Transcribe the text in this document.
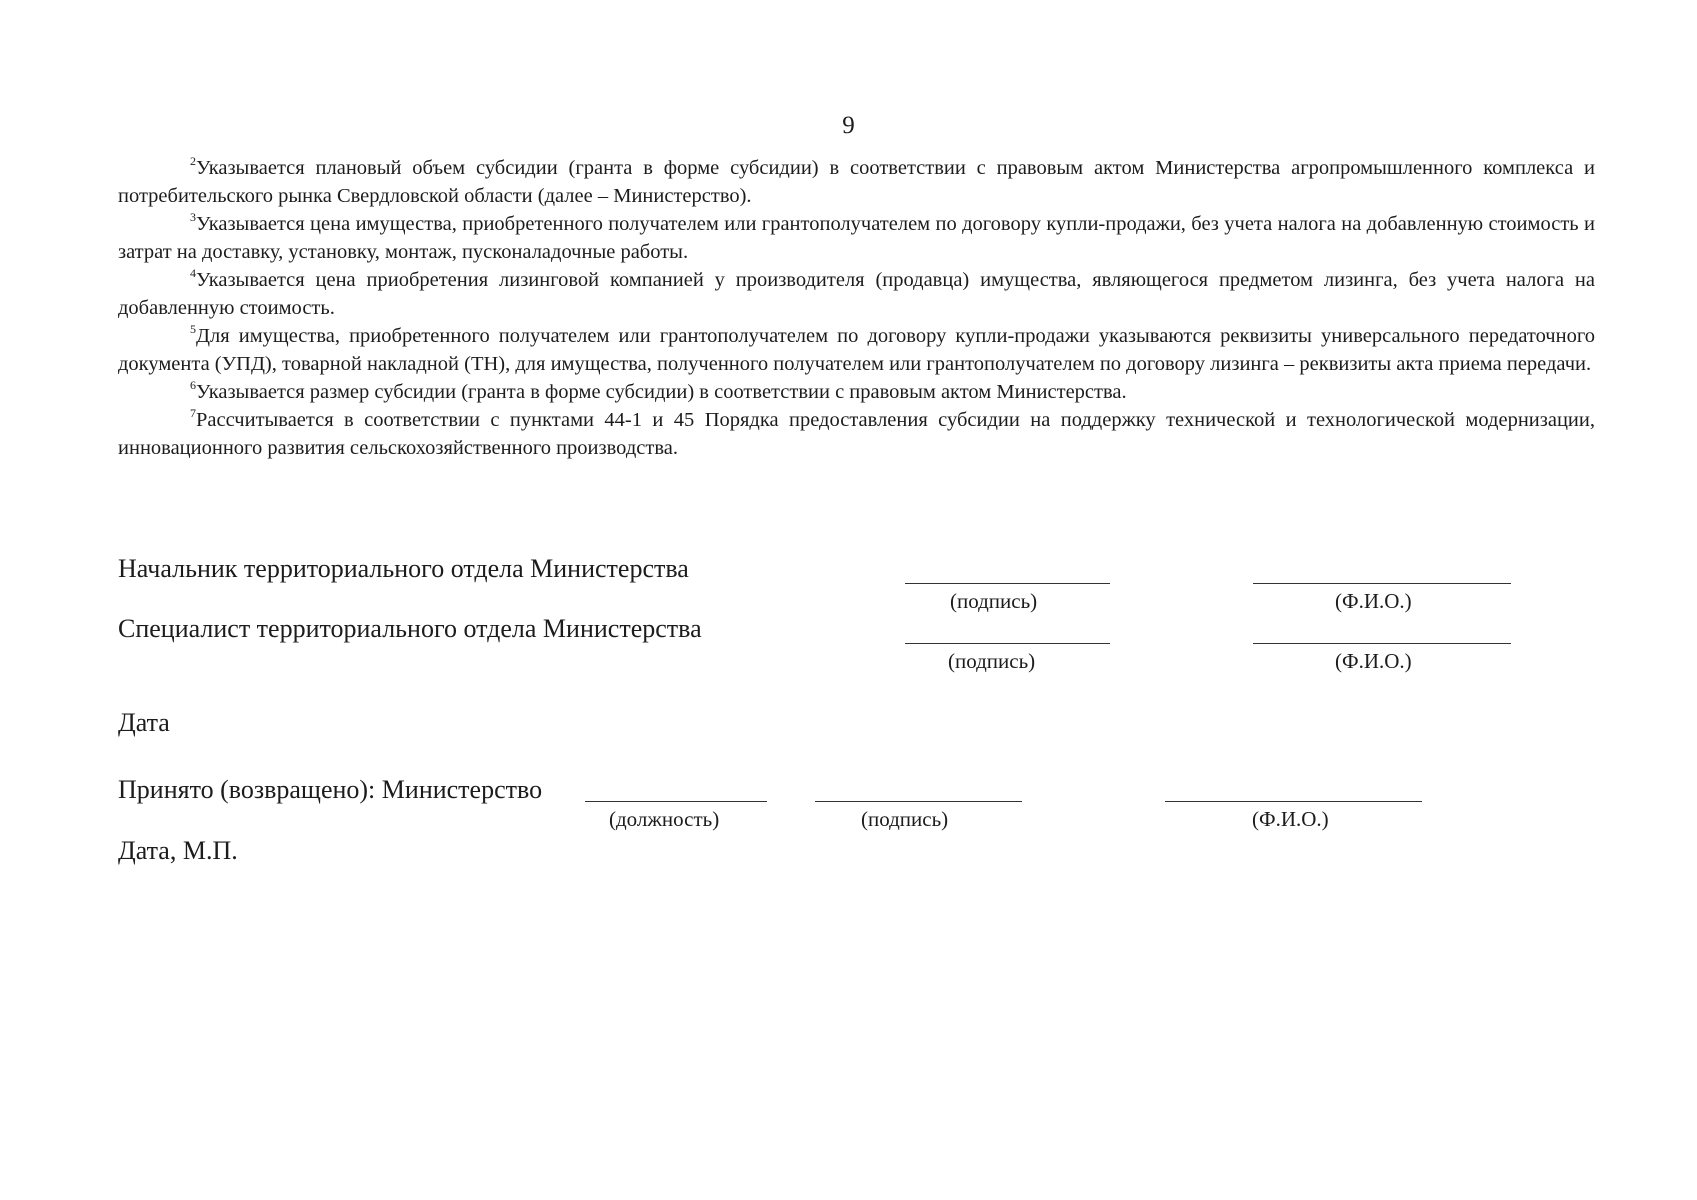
9

$^2$Указывается плановый объем субсидии (гранта в форме субсидии) в соответствии с правовым актом Министерства агропромышленного комплекса и потребительского рынка Свердловской области (далее – Министерство).

$^3$Указывается цена имущества, приобретенного получателем или грантополучателем по договору купли-продажи, без учета налога на добавленную стоимость и затрат на доставку, установку, монтаж, пусконаладочные работы.

$^4$Указывается цена приобретения лизинговой компанией у производителя (продавца) имущества, являющегося предметом лизинга, без учета налога на добавленную стоимость.

$^5$Для имущества, приобретенного получателем или грантополучателем по договору купли-продажи указываются реквизиты универсального передаточного документа (УПД), товарной накладной (ТН), для имущества, полученного получателем или грантополучателем по договору лизинга – реквизиты акта приема передачи.

$^6$Указывается размер субсидии (гранта в форме субсидии) в соответствии с правовым актом Министерства.

$^7$Рассчитывается в соответствии с пунктами 44-1 и 45 Порядка предоставления субсидии на поддержку технической и технологической модернизации, инновационного развития сельскохозяйственного производства.

Начальник территориального отдела Министерства
(подпись)	(Ф.И.О.)
Специалист территориального отдела Министерства
(подпись)	(Ф.И.О.)
Дата
Принято (возвращено): Министерство
(должность)	(подпись)	(Ф.И.О.)
Дата, М.П.
